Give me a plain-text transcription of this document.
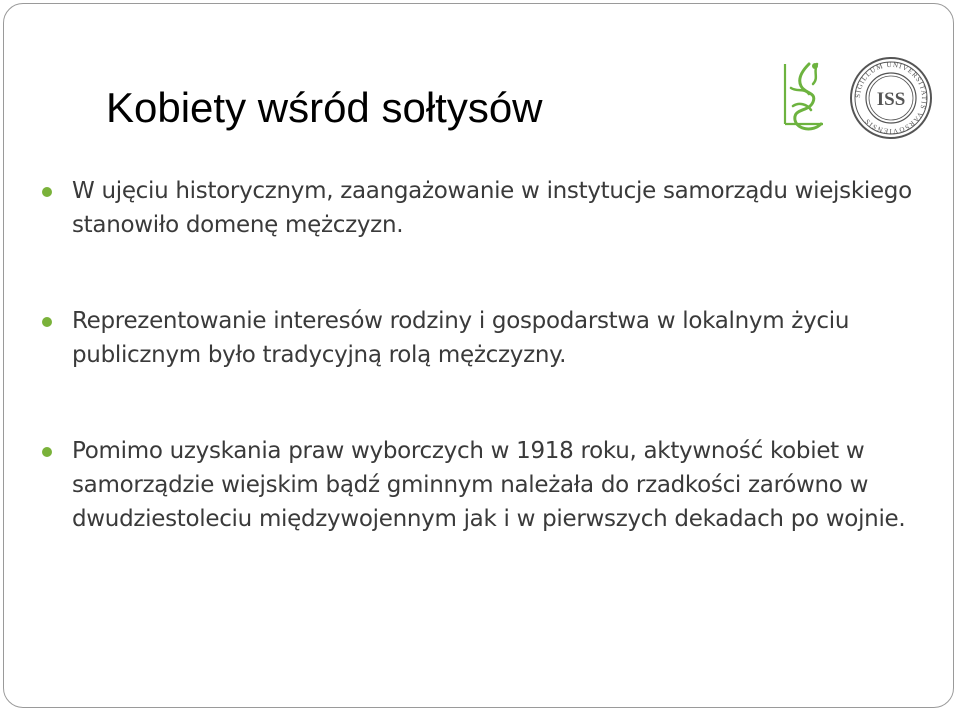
Kobiety wśród sołtysów	SIGILLUM UNIVERSITATIS VARSOVIENSIS
ISS
W ujęciu historycznym, zaangażowanie w instytucje samorządu wiejskiego stanowiło domenę mężczyzn.
Reprezentowanie interesów rodziny i gospodarstwa w lokalnym życiu publicznym było tradycyjną rolą mężczyzny.
Pomimo uzyskania praw wyborczych w 1918 roku, aktywność kobiet w samorządzie wiejskim bądź gminnym należała do rzadkości zarówno w dwudziestoleciu międzywojennym jak i w pierwszych dekadach po wojnie.
